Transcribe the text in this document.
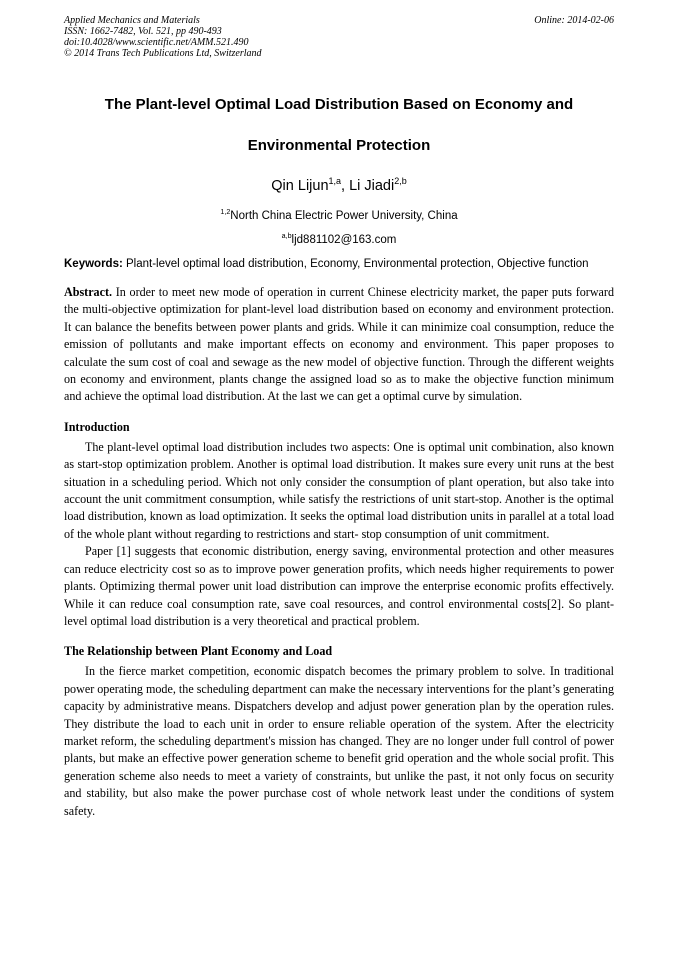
Applied Mechanics and Materials
ISSN: 1662-7482, Vol. 521, pp 490-493
doi:10.4028/www.scientific.net/AMM.521.490
© 2014 Trans Tech Publications Ltd, Switzerland
Online: 2014-02-06
The Plant-level Optimal Load Distribution Based on Economy and
Environmental Protection
Qin Lijun$^{1,a}$, Li Jiadi$^{2,b}$
$^{1,2}$North China Electric Power University, China
$^{a,b}$ljd881102@163.com
Keywords: Plant-level optimal load distribution, Economy, Environmental protection, Objective function
Abstract. In order to meet new mode of operation in current Chinese electricity market, the paper puts forward the multi-objective optimization for plant-level load distribution based on economy and environment protection. It can balance the benefits between power plants and grids. While it can minimize coal consumption, reduce the emission of pollutants and make important effects on economy and environment. This paper proposes to calculate the sum cost of coal and sewage as the new model of objective function. Through the different weights on economy and environment, plants change the assigned load so as to make the objective function minimum and achieve the optimal load distribution. At the last we can get a optimal curve by simulation.
Introduction

The plant-level optimal load distribution includes two aspects: One is optimal unit combination, also known as start-stop optimization problem. Another is optimal load distribution. It makes sure every unit runs at the best situation in a scheduling period. Which not only consider the consumption of plant operation, but also take into account the unit commitment consumption, while satisfy the restrictions of unit start-stop. Another is the optimal load distribution, known as load optimization. It seeks the optimal load distribution units in parallel at a total load of the whole plant without regarding to restrictions and start- stop consumption of unit commitment.

Paper [1] suggests that economic distribution, energy saving, environmental protection and other measures can reduce electricity cost so as to improve power generation profits, which needs higher requirements to power plants. Optimizing thermal power unit load distribution can improve the enterprise economic profits effectively. While it can reduce coal consumption rate, save coal resources, and control environmental costs[2]. So plant-level optimal load distribution is a very theoretical and practical problem.

The Relationship between Plant Economy and Load

In the fierce market competition, economic dispatch becomes the primary problem to solve. In traditional power operating mode, the scheduling department can make the necessary interventions for the plant’s generating capacity by administrative means. Dispatchers develop and adjust power generation plan by the operation rules. They distribute the load to each unit in order to ensure reliable operation of the system. After the electricity market reform, the scheduling department's mission has changed. They are no longer under full control of power plants, but make an effective power generation scheme to benefit grid operation and the whole social profit. This generation scheme also needs to meet a variety of constraints, but unlike the past, it not only focus on security and stability, but also make the power purchase cost of whole network least under the conditions of system safety.
